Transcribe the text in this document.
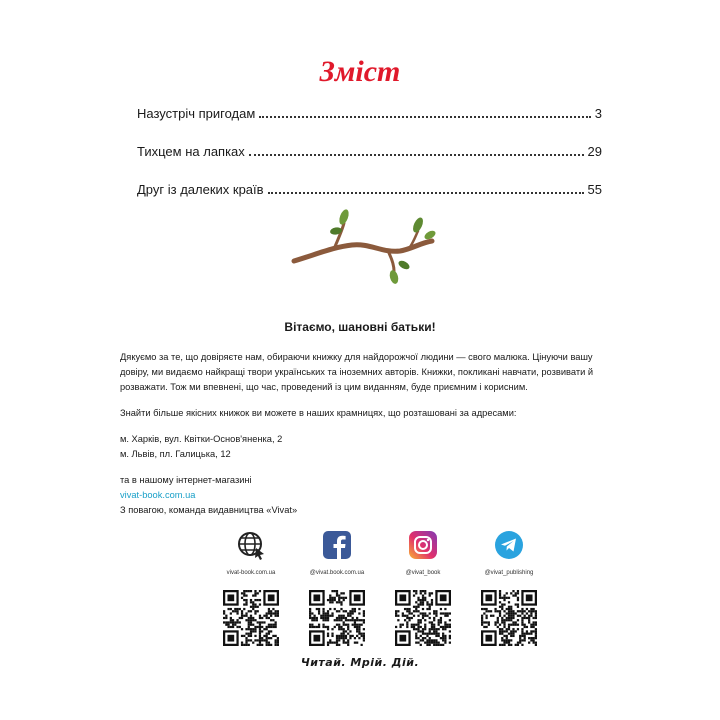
Зміст
Назустріч пригодам	3
Тихцем на лапках	29
Друг із далеких країв	55
Вітаємо, шановні батьки!

Дякуємо за те, що довіряєте нам, обираючи книжку для найдорожчої людини — свого малюка. Цінуючи вашу довіру, ми видаємо найкращі твори українських та іноземних авторів. Книжки, покликані навчати, розвивати й розважати. Тож ми впевнені, що час, проведений із цим виданням, буде приємним і корисним.

Знайти більше якісних книжок ви можете в наших крамницях, що розташовані за адресами:

м. Харків, вул. Квітки-Основ'яненка, 2
м. Львів, пл. Галицька, 12

та в нашому інтернет-магазині
vivat-book.com.ua
З повагою, команда видавництва «Vivat»

vivat-book.com.ua	@vivat.book.com.ua	@vivat_book	@vivat_publishing
Читай. Мрій. Дій.
